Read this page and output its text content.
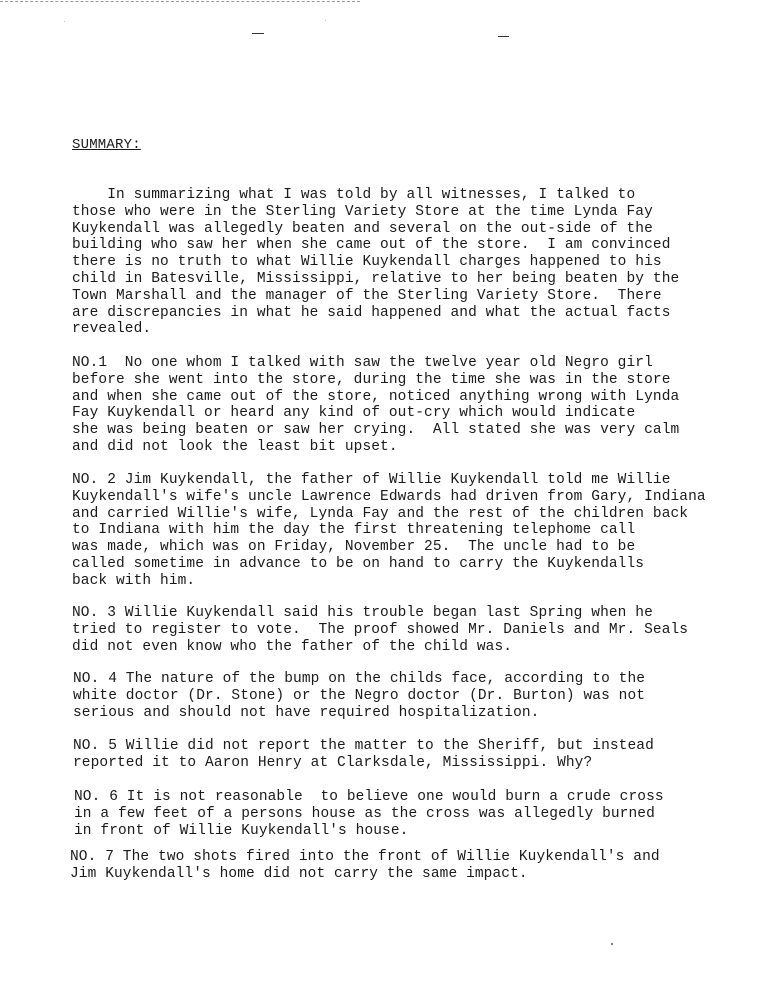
SUMMARY:

In summarizing what I was told by all witnesses, I talked to
those who were in the Sterling Variety Store at the time Lynda Fay
Kuykendall was allegedly beaten and several on the out-side of the
building who saw her when she came out of the store.  I am convinced
there is no truth to what Willie Kuykendall charges happened to his
child in Batesville, Mississippi, relative to her being beaten by the
Town Marshall and the manager of the Sterling Variety Store.  There
are discrepancies in what he said happened and what the actual facts
revealed.

NO.1  No one whom I talked with saw the twelve year old Negro girl
before she went into the store, during the time she was in the store
and when she came out of the store, noticed anything wrong with Lynda
Fay Kuykendall or heard any kind of out-cry which would indicate
she was being beaten or saw her crying.  All stated she was very calm
and did not look the least bit upset.

NO. 2 Jim Kuykendall, the father of Willie Kuykendall told me Willie
Kuykendall's wife's uncle Lawrence Edwards had driven from Gary, Indiana
and carried Willie's wife, Lynda Fay and the rest of the children back
to Indiana with him the day the first threatening telephome call
was made, which was on Friday, November 25.  The uncle had to be
called sometime in advance to be on hand to carry the Kuykendalls
back with him.

NO. 3 Willie Kuykendall said his trouble began last Spring when he
tried to register to vote.  The proof showed Mr. Daniels and Mr. Seals
did not even know who the father of the child was.

NO. 4 The nature of the bump on the childs face, according to the
white doctor (Dr. Stone) or the Negro doctor (Dr. Burton) was not
serious and should not have required hospitalization.

NO. 5 Willie did not report the matter to the Sheriff, but instead
reported it to Aaron Henry at Clarksdale, Mississippi. Why?

NO. 6 It is not reasonable  to believe one would burn a crude cross
in a few feet of a persons house as the cross was allegedly burned
in front of Willie Kuykendall's house.

NO. 7 The two shots fired into the front of Willie Kuykendall's and
Jim Kuykendall's home did not carry the same impact.
